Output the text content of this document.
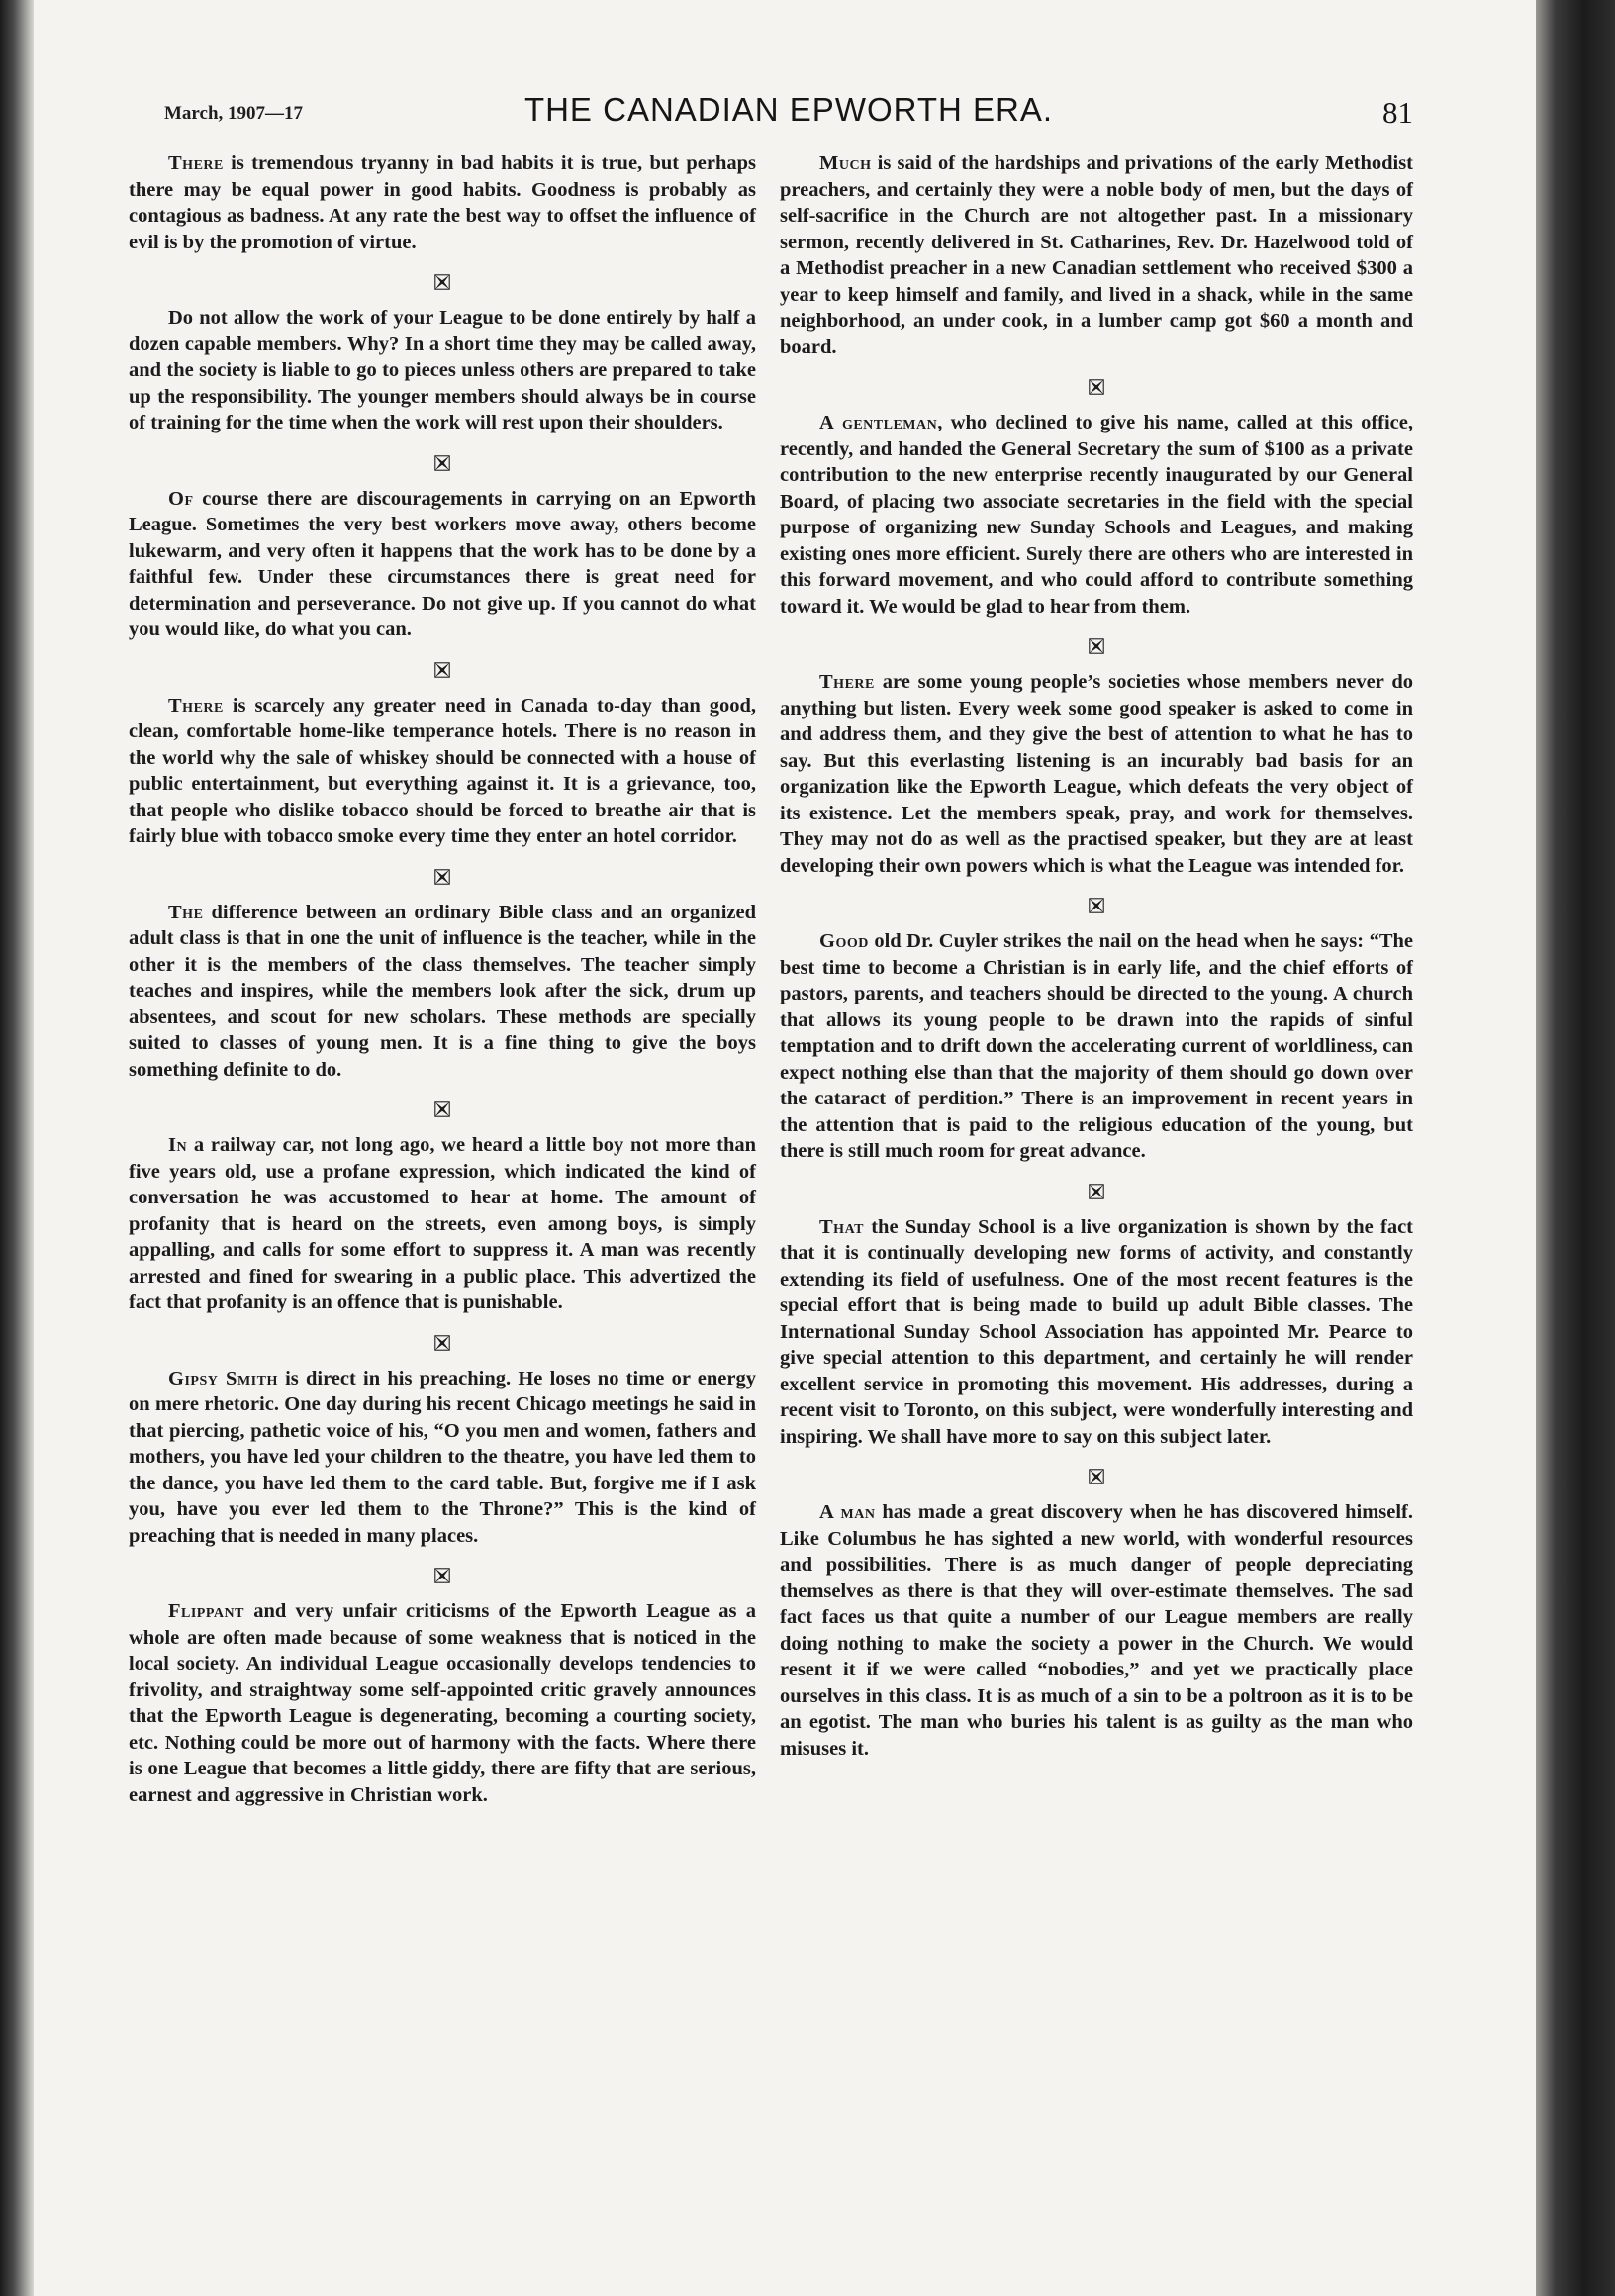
March, 1907—17	THE CANADIAN EPWORTH ERA.	81

There is tremendous tryanny in bad habits it is true, but perhaps there may be equal power in good habits. Goodness is probably as contagious as badness. At any rate the best way to offset the influence of evil is by the promotion of virtue.

Do not allow the work of your League to be done entirely by half a dozen capable members. Why? In a short time they may be called away, and the society is liable to go to pieces unless others are prepared to take up the responsibility. The younger members should always be in course of training for the time when the work will rest upon their shoulders.

Of course there are discouragements in carrying on an Epworth League. Sometimes the very best workers move away, others become lukewarm, and very often it happens that the work has to be done by a faithful few. Under these circumstances there is great need for determination and perseverance. Do not give up. If you cannot do what you would like, do what you can.

There is scarcely any greater need in Canada to-day than good, clean, comfortable home-like temperance hotels. There is no reason in the world why the sale of whiskey should be connected with a house of public entertainment, but everything against it. It is a grievance, too, that people who dislike tobacco should be forced to breathe air that is fairly blue with tobacco smoke every time they enter an hotel corridor.

The difference between an ordinary Bible class and an organized adult class is that in one the unit of influence is the teacher, while in the other it is the members of the class themselves. The teacher simply teaches and inspires, while the members look after the sick, drum up absentees, and scout for new scholars. These methods are specially suited to classes of young men. It is a fine thing to give the boys something definite to do.

In a railway car, not long ago, we heard a little boy not more than five years old, use a profane expression, which indicated the kind of conversation he was accustomed to hear at home. The amount of profanity that is heard on the streets, even among boys, is simply appalling, and calls for some effort to suppress it. A man was recently arrested and fined for swearing in a public place. This advertized the fact that profanity is an offence that is punishable.

Gipsy Smith is direct in his preaching. He loses no time or energy on mere rhetoric. One day during his recent Chicago meetings he said in that piercing, pathetic voice of his, “O you men and women, fathers and mothers, you have led your children to the theatre, you have led them to the dance, you have led them to the card table. But, forgive me if I ask you, have you ever led them to the Throne?” This is the kind of preaching that is needed in many places.

Flippant and very unfair criticisms of the Epworth League as a whole are often made because of some weakness that is noticed in the local society. An individual League occasionally develops tendencies to frivolity, and straightway some self-appointed critic gravely announces that the Epworth League is degenerating, becoming a courting society, etc. Nothing could be more out of harmony with the facts. Where there is one League that becomes a little giddy, there are fifty that are serious, earnest and aggressive in Christian work.

Much is said of the hardships and privations of the early Methodist preachers, and certainly they were a noble body of men, but the days of self-sacrifice in the Church are not altogether past. In a missionary sermon, recently delivered in St. Catharines, Rev. Dr. Hazelwood told of a Methodist preacher in a new Canadian settlement who received $300 a year to keep himself and family, and lived in a shack, while in the same neighborhood, an under cook, in a lumber camp got $60 a month and board.

A gentleman, who declined to give his name, called at this office, recently, and handed the General Secretary the sum of $100 as a private contribution to the new enterprise recently inaugurated by our General Board, of placing two associate secretaries in the field with the special purpose of organizing new Sunday Schools and Leagues, and making existing ones more efficient. Surely there are others who are interested in this forward movement, and who could afford to contribute something toward it. We would be glad to hear from them.

There are some young people’s societies whose members never do anything but listen. Every week some good speaker is asked to come in and address them, and they give the best of attention to what he has to say. But this everlasting listening is an incurably bad basis for an organization like the Epworth League, which defeats the very object of its existence. Let the members speak, pray, and work for themselves. They may not do as well as the practised speaker, but they are at least developing their own powers which is what the League was intended for.

Good old Dr. Cuyler strikes the nail on the head when he says: “The best time to become a Christian is in early life, and the chief efforts of pastors, parents, and teachers should be directed to the young. A church that allows its young people to be drawn into the rapids of sinful temptation and to drift down the accelerating current of worldliness, can expect nothing else than that the majority of them should go down over the cataract of perdition.” There is an improvement in recent years in the attention that is paid to the religious education of the young, but there is still much room for great advance.

That the Sunday School is a live organization is shown by the fact that it is continually developing new forms of activity, and constantly extending its field of usefulness. One of the most recent features is the special effort that is being made to build up adult Bible classes. The International Sunday School Association has appointed Mr. Pearce to give special attention to this department, and certainly he will render excellent service in promoting this movement. His addresses, during a recent visit to Toronto, on this subject, were wonderfully interesting and inspiring. We shall have more to say on this subject later.

A man has made a great discovery when he has discovered himself. Like Columbus he has sighted a new world, with wonderful resources and possibilities. There is as much danger of people depreciating themselves as there is that they will over-estimate themselves. The sad fact faces us that quite a number of our League members are really doing nothing to make the society a power in the Church. We would resent it if we were called “nobodies,” and yet we practically place ourselves in this class. It is as much of a sin to be a poltroon as it is to be an egotist. The man who buries his talent is as guilty as the man who misuses it.
